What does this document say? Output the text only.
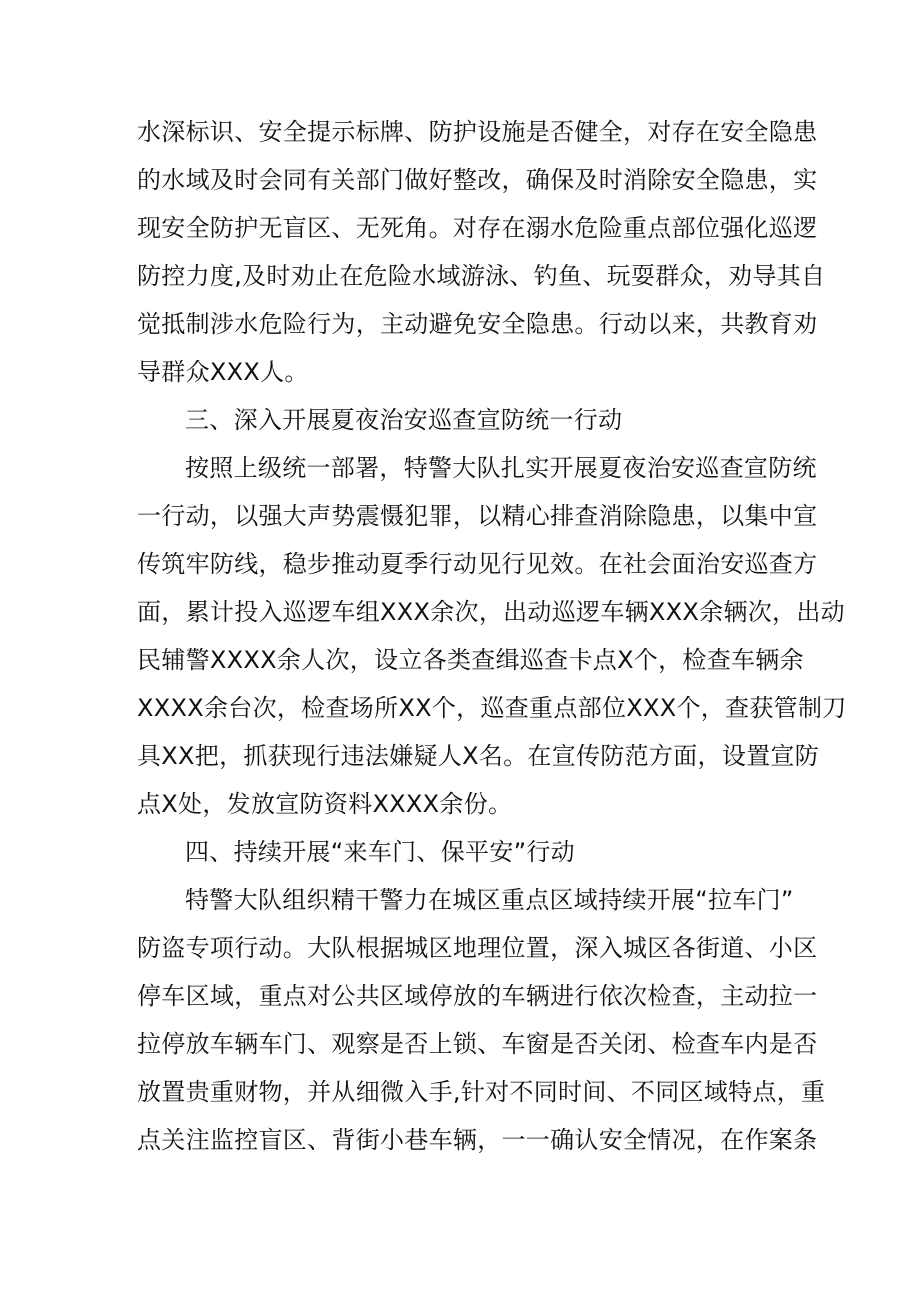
水深标识、安全提示标牌、防护设施是否健全，对存在安全隐患
的水域及时会同有关部门做好整改，确保及时消除安全隐患，实
现安全防护无盲区、无死角。对存在溺水危险重点部位强化巡逻
防控力度,及时劝止在危险水域游泳、钓鱼、玩耍群众，劝导其自
觉抵制涉水危险行为，主动避免安全隐患。行动以来，共教育劝
导群众XXX人。
三、深入开展夏夜治安巡查宣防统一行动
按照上级统一部署，特警大队扎实开展夏夜治安巡查宣防统
一行动，以强大声势震慑犯罪，以精心排查消除隐患，以集中宣
传筑牢防线，稳步推动夏季行动见行见效。在社会面治安巡查方
面，累计投入巡逻车组XXX余次，出动巡逻车辆XXX余辆次，出动
民辅警XXXX余人次，设立各类查缉巡查卡点X个，检查车辆余
XXXX余台次，检查场所XX个，巡查重点部位XXX个，查获管制刀
具XX把，抓获现行违法嫌疑人X名。在宣传防范方面，设置宣防
点X处，发放宣防资料XXXX余份。
四、持续开展“来车门、保平安”行动
特警大队组织精干警力在城区重点区域持续开展“拉车门”
防盗专项行动。大队根据城区地理位置，深入城区各街道、小区
停车区域，重点对公共区域停放的车辆进行依次检查，主动拉一
拉停放车辆车门、观察是否上锁、车窗是否关闭、检查车内是否
放置贵重财物，并从细微入手,针对不同时间、不同区域特点，重
点关注监控盲区、背街小巷车辆，一一确认安全情况，在作案条
